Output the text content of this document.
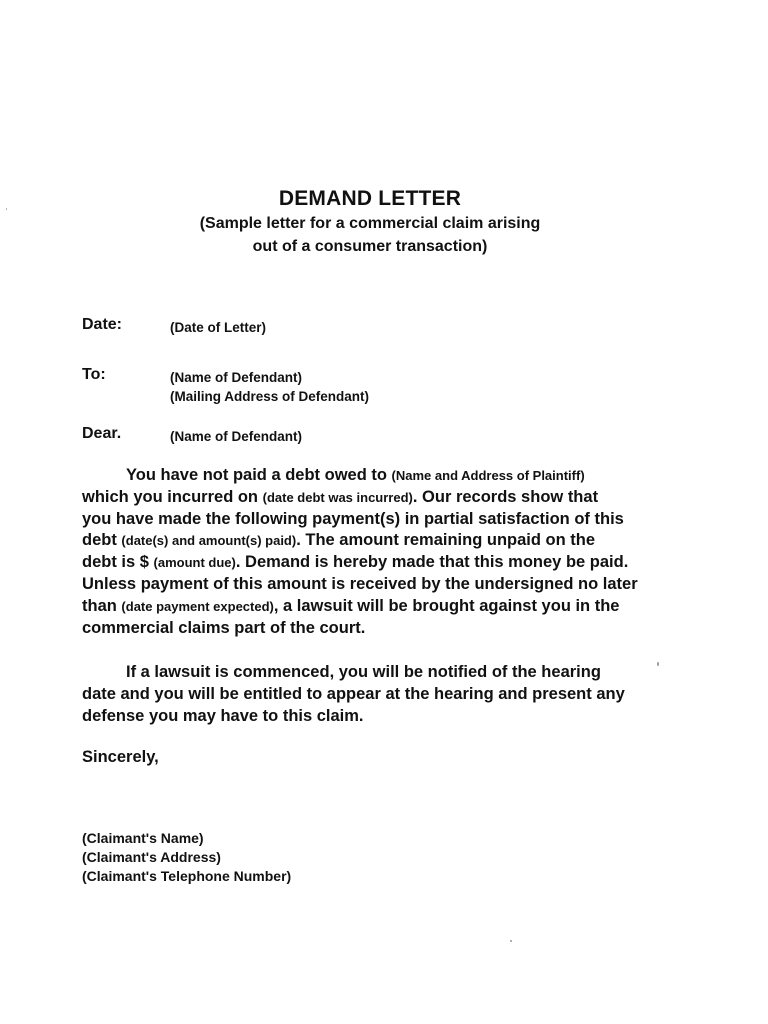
DEMAND LETTER
(Sample letter for a commercial claim arising
out of a consumer transaction)
Date:	(Date of Letter)
To:	(Name of Defendant)
(Mailing Address of Defendant)
Dear.	(Name of Defendant)
You have not paid a debt owed to (Name and Address of Plaintiff)
which you incurred on (date debt was incurred). Our records show that
you have made the following payment(s) in partial satisfaction of this
debt (date(s) and amount(s) paid). The amount remaining unpaid on the
debt is $ (amount due). Demand is hereby made that this money be paid.
Unless payment of this amount is received by the undersigned no later
than (date payment expected), a lawsuit will be brought against you in the
commercial claims part of the court.
If a lawsuit is commenced, you will be notified of the hearing
date and you will be entitled to appear at the hearing and present any
defense you may have to this claim.
Sincerely,
(Claimant's Name)
(Claimant's Address)
(Claimant's Telephone Number)
